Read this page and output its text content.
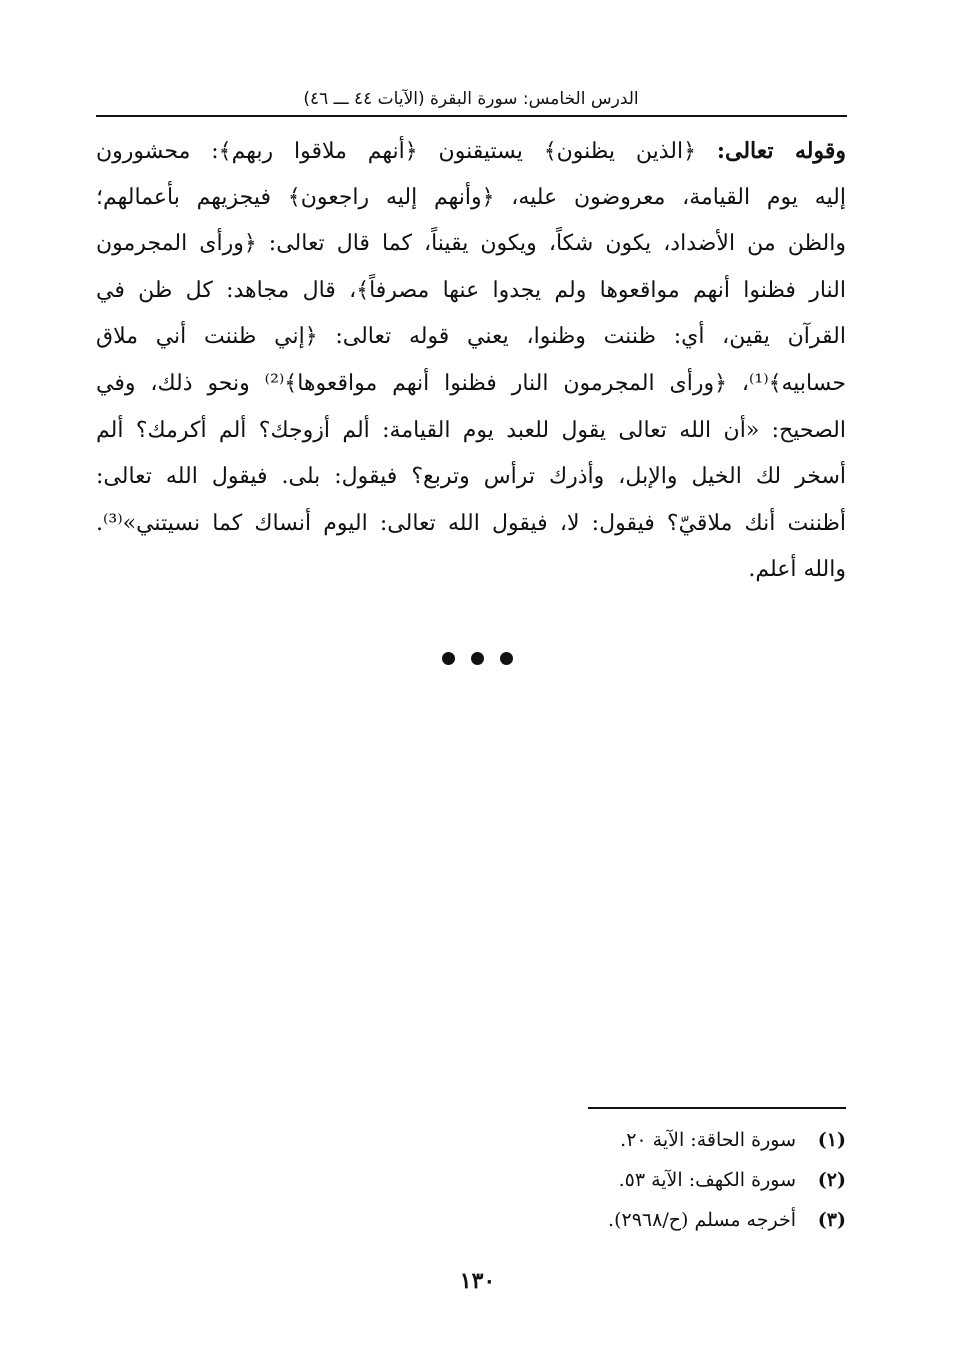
الدرس الخامس: سورة البقرة (الآيات ٤٤ ـــ ٤٦)
وقوله تعالى: ﴿الذين يظنون﴾ يستيقنون ﴿أنهم ملاقوا ربهم﴾: محشورون
إليه يوم القيامة، معروضون عليه، ﴿وأنهم إليه راجعون﴾ فيجزيهم بأعمالهم؛
والظن من الأضداد، يكون شكاً، ويكون يقيناً، كما قال تعالى: ﴿ورأى المجرمون
النار فظنوا أنهم مواقعوها ولم يجدوا عنها مصرفاً﴾، قال مجاهد: كل ظن في
القرآن يقين، أي: ظننت وظنوا، يعني قوله تعالى: ﴿إني ظننت أني ملاق
حسابيه﴾⁽¹⁾، ﴿ورأى المجرمون النار فظنوا أنهم مواقعوها﴾⁽²⁾ ونحو ذلك، وفي
الصحيح: «أن الله تعالى يقول للعبد يوم القيامة: ألم أزوجك؟ ألم أكرمك؟ ألم
أسخر لك الخيل والإبل، وأذرك ترأس وتربع؟ فيقول: بلى. فيقول الله تعالى:
أظننت أنك ملاقيّ؟ فيقول: لا، فيقول الله تعالى: اليوم أنساك كما نسيتني»⁽³⁾.
والله أعلم.
(١)سورة الحاقة: الآية ٢٠.
(٢)سورة الكهف: الآية ٥٣.
(٣)أخرجه مسلم (ح/٢٩٦٨).
١٣٠
